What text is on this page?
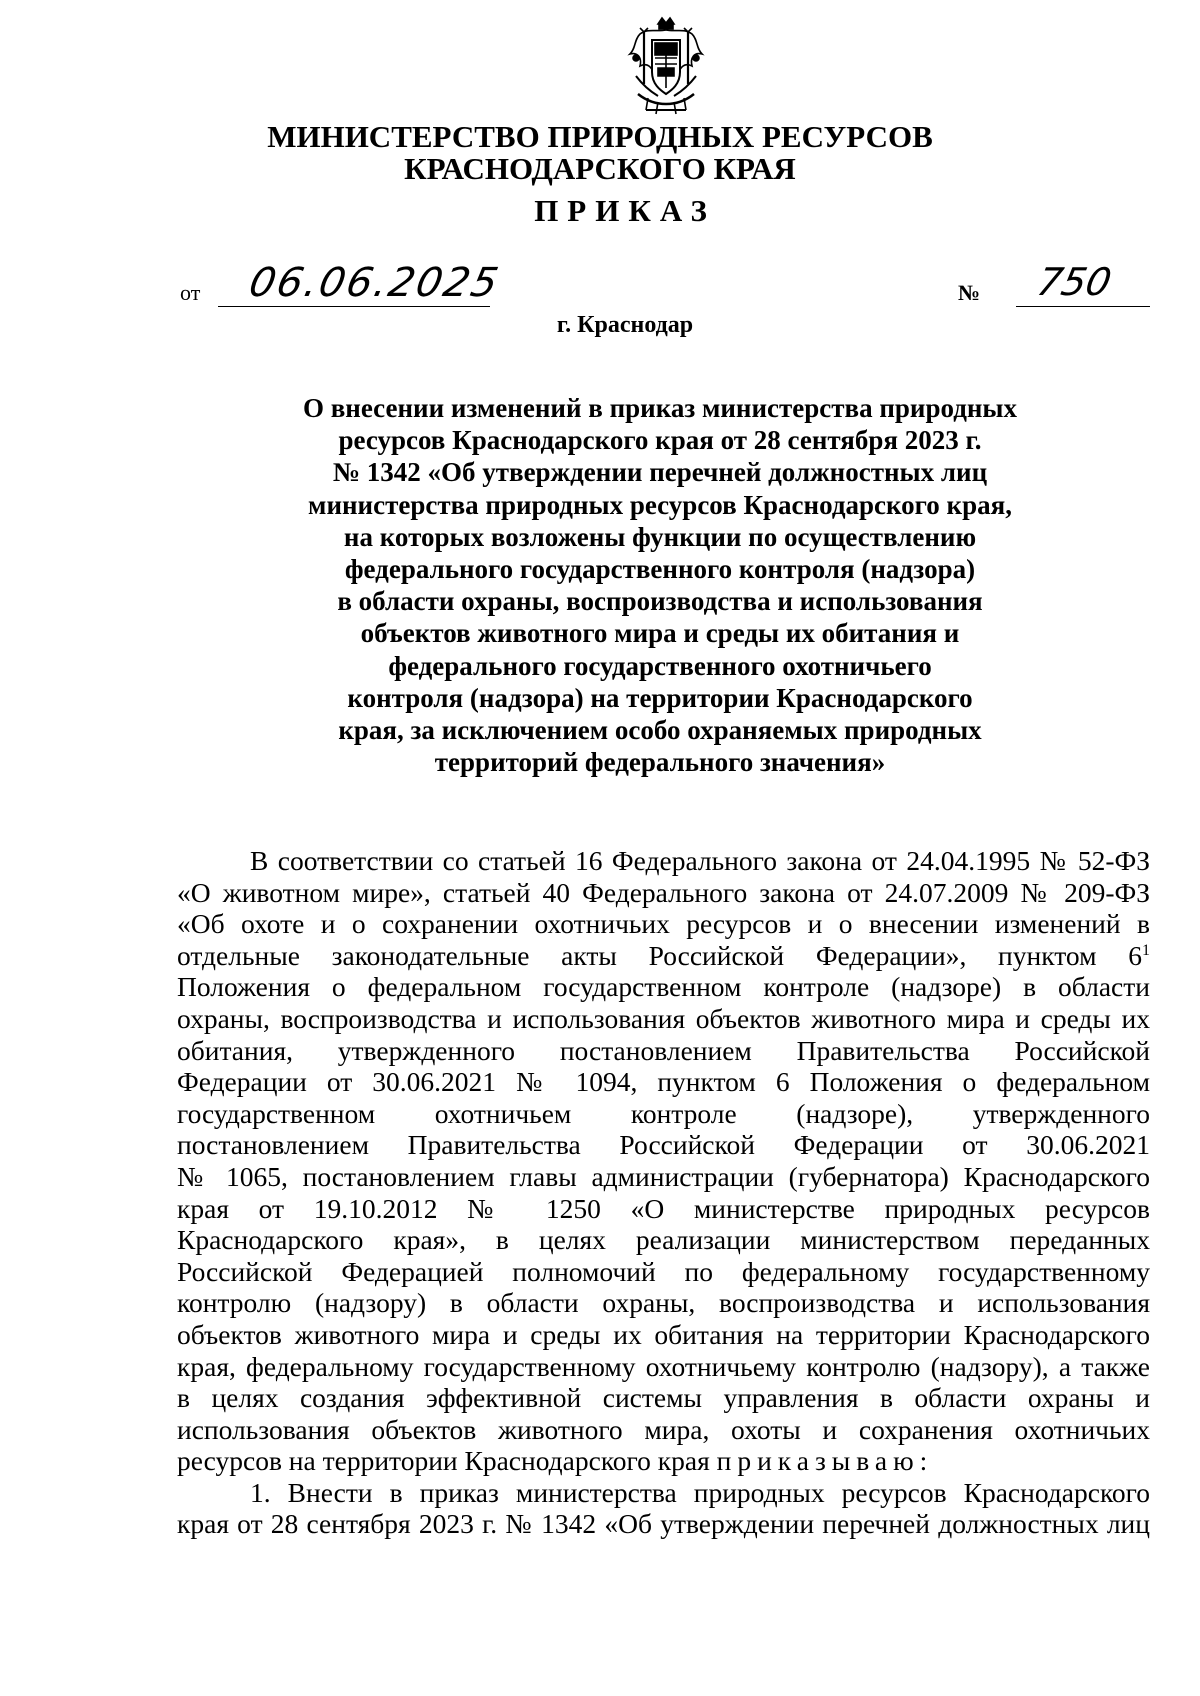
МИНИСТЕРСТВО ПРИРОДНЫХ РЕСУРСОВ
КРАСНОДАРСКОГО КРАЯ
ПРИКАЗ
от 06.06.2025	№ 750
г. Краснодар
О внесении изменений в приказ министерства природных
ресурсов Краснодарского края от 28 сентября 2023 г.
№ 1342 «Об утверждении перечней должностных лиц
министерства природных ресурсов Краснодарского края,
на которых возложены функции по осуществлению
федерального государственного контроля (надзора)
в области охраны, воспроизводства и использования
объектов животного мира и среды их обитания и
федерального государственного охотничьего
контроля (надзора) на территории Краснодарского
края, за исключением особо охраняемых природных
территорий федерального значения»
В соответствии со статьей 16 Федерального закона от 24.04.1995 № 52-ФЗ
«О животном мире», статьей 40 Федерального закона от 24.07.2009 № 209-ФЗ
«Об охоте и о сохранении охотничьих ресурсов и о внесении изменений в
отдельные законодательные акты Российской Федерации», пунктом $6^1$
Положения о федеральном государственном контроле (надзоре) в области
охраны, воспроизводства и использования объектов животного мира и среды их
обитания, утвержденного постановлением Правительства Российской
Федерации от 30.06.2021 № 1094, пунктом 6 Положения о федеральном
государственном охотничьем контроле (надзоре), утвержденного
постановлением Правительства Российской Федерации от 30.06.2021
№ 1065, постановлением главы администрации (губернатора) Краснодарского
края от 19.10.2012 № 1250 «О министерстве природных ресурсов
Краснодарского края», в целях реализации министерством переданных
Российской Федерацией полномочий по федеральному государственному
контролю (надзору) в области охраны, воспроизводства и использования
объектов животного мира и среды их обитания на территории Краснодарского
края, федеральному государственному охотничьему контролю (надзору), а также
в целях создания эффективной системы управления в области охраны и
использования объектов животного мира, охоты и сохранения охотничьих
ресурсов на территории Краснодарского края приказываю:
1. Внести в приказ министерства природных ресурсов Краснодарского
края от 28 сентября 2023 г. № 1342 «Об утверждении перечней должностных лиц
